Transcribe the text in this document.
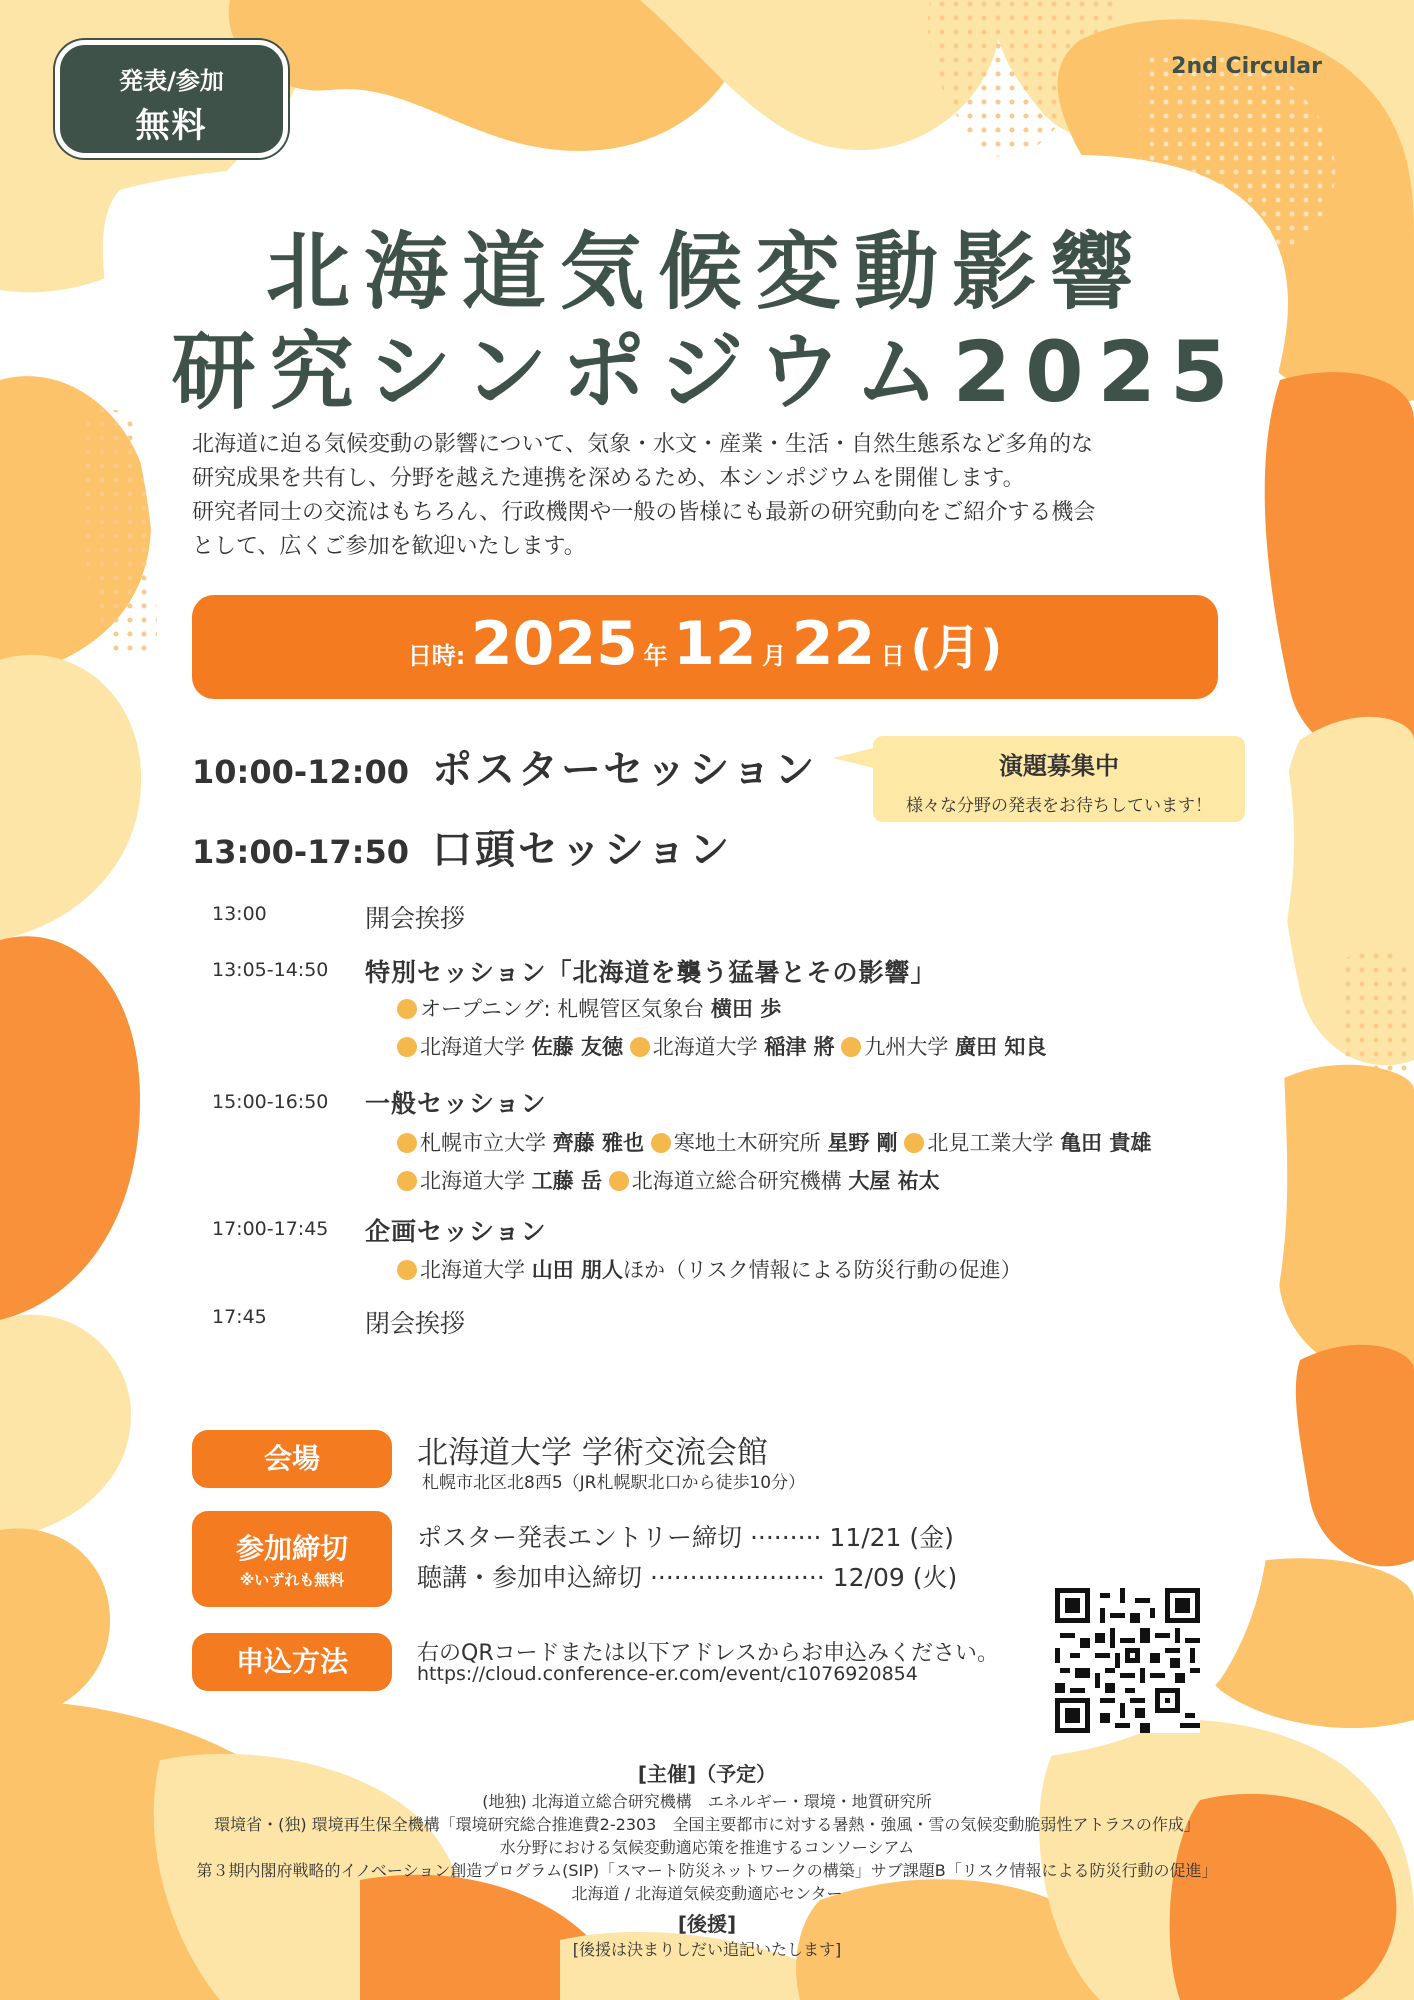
発表/参加
無料
2nd Circular
北海道気候変動影響
研究シンポジウム2025
北海道に迫る気候変動の影響について、気象・水文・産業・生活・自然生態系など多角的な
研究成果を共有し、分野を越えた連携を深めるため、本シンポジウムを開催します。
研究者同士の交流はもちろん、行政機関や一般の皆様にも最新の研究動向をご紹介する機会
として、広くご参加を歓迎いたします。
日時: 2025 年 12 月 22 日 (月)
10:00-12:00 ポスターセッション
13:00-17:50 口頭セッション
演題募集中
様々な分野の発表をお待ちしています！
13:00	開会挨拶
13:05-14:50 特別セッション「北海道を襲う猛暑とその影響」
オープニング: 札幌管区気象台 横田 歩
北海道大学 佐藤 友徳 北海道大学 稲津 將 九州大学 廣田 知良
15:00-16:50 一般セッション
札幌市立大学 齊藤 雅也 寒地土木研究所 星野 剛 北見工業大学 亀田 貴雄
北海道大学 工藤 岳 北海道立総合研究機構 大屋 祐太
17:00-17:45 企画セッション
北海道大学 山田 朋人ほか（リスク情報による防災行動の促進）
17:45	閉会挨拶
会場	北海道大学 学術交流会館
札幌市北区北8西5（JR札幌駅北口から徒歩10分）
参加締切
※いずれも無料
ポスター発表エントリー締切 ········· 11/21 (金)
聴講・参加申込締切 ······················ 12/09 (火)
申込方法	右のQRコードまたは以下アドレスからお申込みください。
https://cloud.conference-er.com/event/c1076920854
[主催]（予定）
(地独) 北海道立総合研究機構　エネルギー・環境・地質研究所
環境省・(独) 環境再生保全機構「環境研究総合推進費2-2303　全国主要都市に対する暑熱・強風・雪の気候変動脆弱性アトラスの作成」
水分野における気候変動適応策を推進するコンソーシアム
第３期内閣府戦略的イノベーション創造プログラム(SIP)「スマート防災ネットワークの構築」サブ課題B「リスク情報による防災行動の促進」
北海道 / 北海道気候変動適応センター
[後援]
[後援は決まりしだい追記いたします]
